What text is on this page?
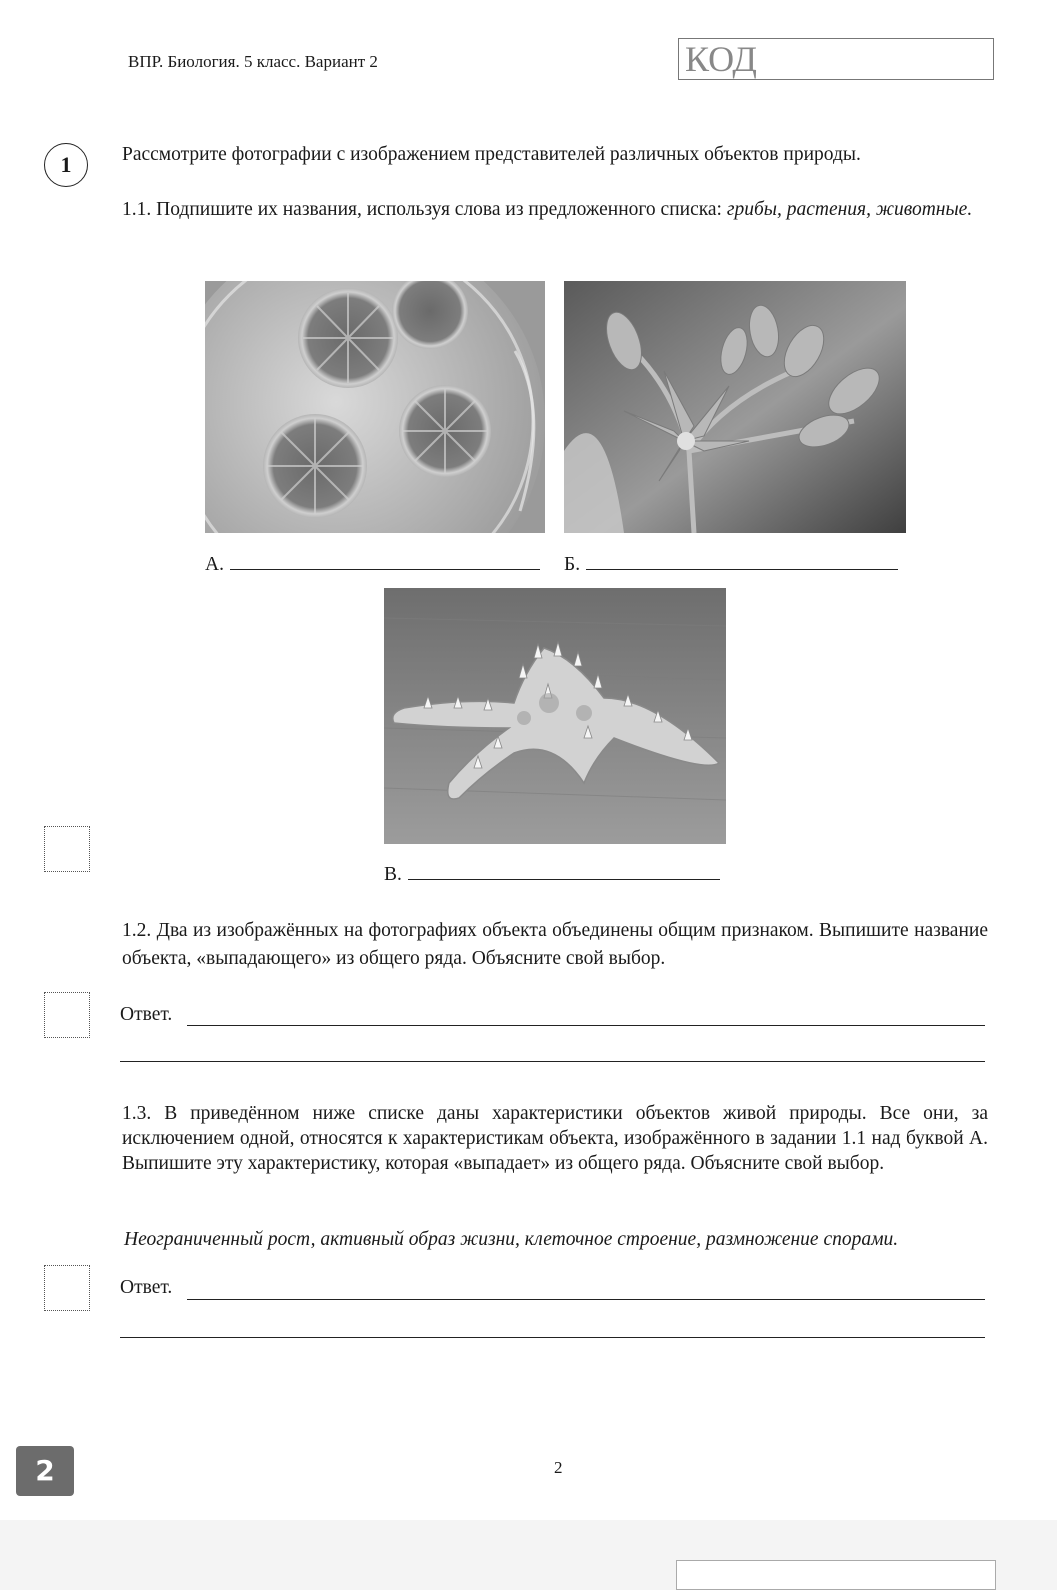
ВПР. Биология. 5 класс. Вариант 2	КОД
1	Рассмотрите фотографии с изображением представителей различных объектов природы.
1.1. Подпишите их названия, используя слова из предложенного списка: грибы, растения, животные.
А.	Б.
В.
1.2. Два из изображённых на фотографиях объекта объединены общим признаком. Выпишите название объекта, «выпадающего» из общего ряда. Объясните свой выбор.
Ответ.
1.3. В приведённом ниже списке даны характеристики объектов живой природы. Все они, за исключением одной, относятся к характеристикам объекта, изображённого в задании 1.1 над буквой А. Выпишите эту характеристику, которая «выпадает» из общего ряда. Объясните свой выбор.
Неограниченный рост, активный образ жизни, клеточное строение, размножение спорами.
Ответ.
2
2
